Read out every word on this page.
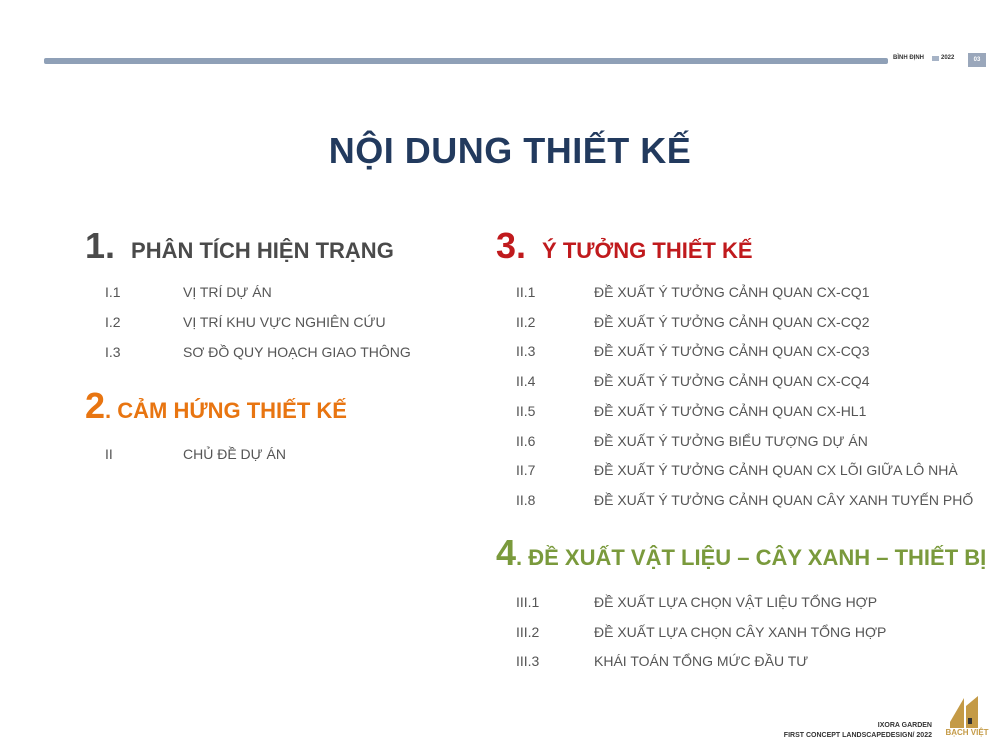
BÌNH ĐỊNH	2022	03
NỘI DUNG THIẾT KẾ
1. PHÂN TÍCH HIỆN TRẠNG
I.1	VỊ TRÍ DỰ ÁN
I.2	VỊ TRÍ KHU VỰC NGHIÊN CỨU
I.3	SƠ ĐỒ QUY HOẠCH GIAO THÔNG
2 . CẢM HỨNG THIẾT KẾ
II	CHỦ ĐỀ DỰ ÁN
3. Ý TƯỞNG THIẾT KẾ
II.1	ĐỀ XUẤT Ý TƯỞNG CẢNH QUAN CX-CQ1
II.2	ĐỀ XUẤT Ý TƯỞNG CẢNH QUAN CX-CQ2
II.3	ĐỀ XUẤT Ý TƯỞNG CẢNH QUAN CX-CQ3
II.4	ĐỀ XUẤT Ý TƯỞNG CẢNH QUAN CX-CQ4
II.5	ĐỀ XUẤT Ý TƯỞNG CẢNH QUAN CX-HL1
II.6	ĐỀ XUẤT Ý TƯỞNG BIỂU TƯỢNG DỰ ÁN
II.7	ĐỀ XUẤT Ý TƯỞNG CẢNH QUAN CX LÕI GIỮA LÔ NHÀ
II.8	ĐỀ XUẤT Ý TƯỞNG CẢNH QUAN CÂY XANH TUYẾN PHỐ
4 . ĐỀ XUẤT VẬT LIỆU – CÂY XANH – THIẾT BỊ
III.1	ĐỀ XUẤT LỰA CHỌN VẬT LIỆU TỔNG HỢP
III.2	ĐỀ XUẤT LỰA CHỌN CÂY XANH TỔNG HỢP
III.3	KHÁI TOÁN TỔNG MỨC ĐẦU TƯ
IXORA GARDEN
FIRST CONCEPT LANDSCAPEDESIGN/ 2022 BẠCH VIỆT
